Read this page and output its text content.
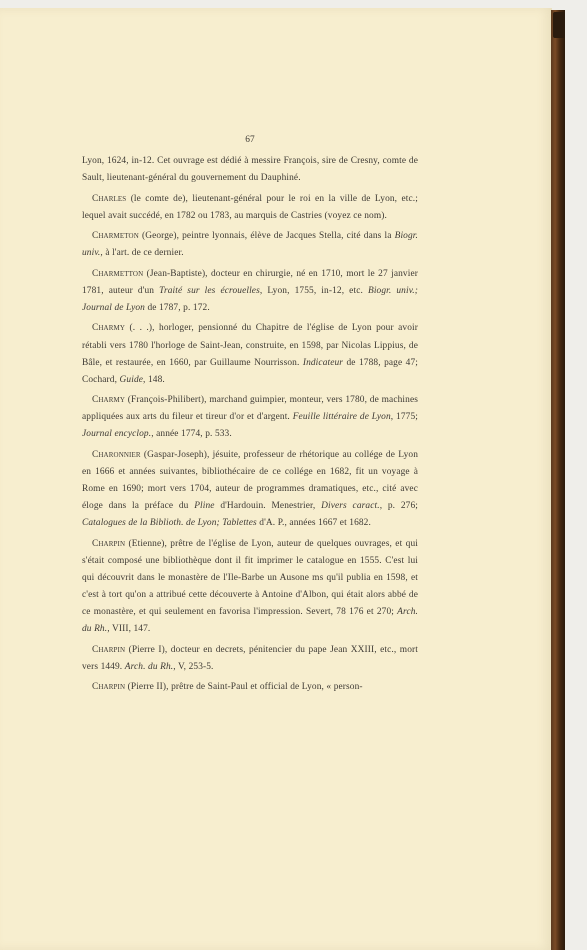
67

Lyon, 1624, in-12. Cet ouvrage est dédié à messire François, sire de Cresny, comte de Sault, lieutenant-général du gouvernement du Dauphiné.

Charles (le comte de), lieutenant-général pour le roi en la ville de Lyon, etc.; lequel avait succédé, en 1782 ou 1783, au marquis de Castries (voyez ce nom).

Charmeton (George), peintre lyonnais, élève de Jacques Stella, cité dans la Biogr. univ., à l'art. de ce dernier.

Charmetton (Jean-Baptiste), docteur en chirurgie, né en 1710, mort le 27 janvier 1781, auteur d'un Traité sur les écrouelles, Lyon, 1755, in-12, etc. Biogr. univ.; Journal de Lyon de 1787, p. 172.

Charmy (. . .), horloger, pensionné du Chapitre de l'église de Lyon pour avoir rétabli vers 1780 l'horloge de Saint-Jean, construite, en 1598, par Nicolas Lippius, de Bâle, et restaurée, en 1660, par Guillaume Nourrisson. Indicateur de 1788, page 47; Cochard, Guide, 148.

Charmy (François-Philibert), marchand guimpier, monteur, vers 1780, de machines appliquées aux arts du fileur et tireur d'or et d'argent. Feuille littéraire de Lyon, 1775; Journal encyclop., année 1774, p. 533.

Charonnier (Gaspar-Joseph), jésuite, professeur de rhétorique au collége de Lyon en 1666 et années suivantes, bibliothécaire de ce collége en 1682, fit un voyage à Rome en 1690; mort vers 1704, auteur de programmes dramatiques, etc., cité avec éloge dans la préface du Pline d'Hardouin. Menestrier, Divers caract., p. 276; Catalogues de la Biblioth. de Lyon; Tablettes d'A. P., années 1667 et 1682.

Charpin (Etienne), prêtre de l'église de Lyon, auteur de quelques ouvrages, et qui s'était composé une bibliothèque dont il fit imprimer le catalogue en 1555. C'est lui qui découvrit dans le monastère de l'Ile-Barbe un Ausone ms qu'il publia en 1598, et c'est à tort qu'on a attribué cette découverte à Antoine d'Albon, qui était alors abbé de ce monastère, et qui seulement en favorisa l'impression. Severt, 78 176 et 270; Arch. du Rh., VIII, 147.

Charpin (Pierre I), docteur en decrets, pénitencier du pape Jean XXIII, etc., mort vers 1449. Arch. du Rh., V, 253-5.

Charpin (Pierre II), prêtre de Saint-Paul et official de Lyon, « person-
